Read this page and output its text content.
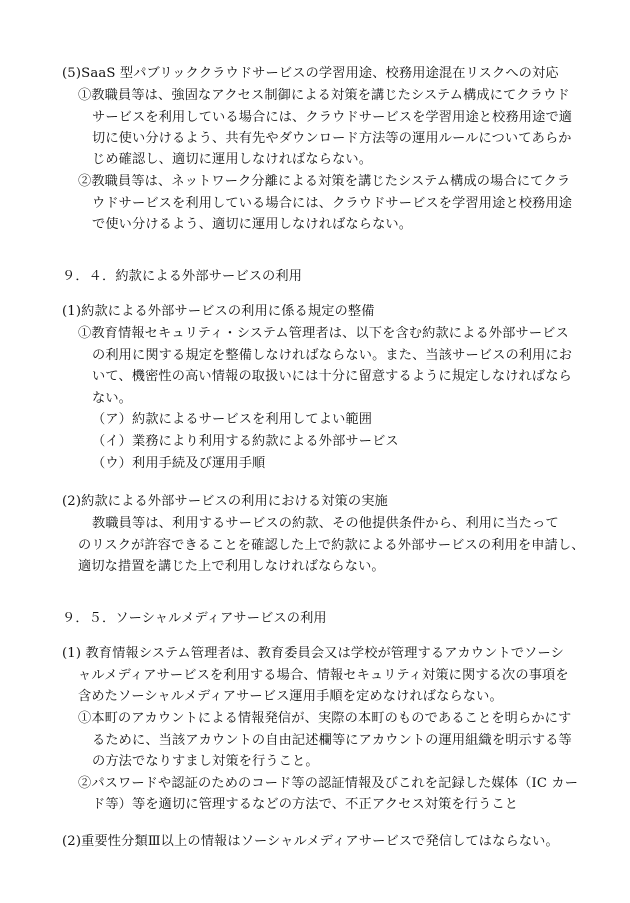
(5)SaaS 型パブリッククラウドサービスの学習用途、校務用途混在リスクへの対応
①教職員等は、強固なアクセス制御による対策を講じたシステム構成にてクラウド
サービスを利用している場合には、クラウドサービスを学習用途と校務用途で適
切に使い分けるよう、共有先やダウンロード方法等の運用ルールについてあらか
じめ確認し、適切に運用しなければならない。
②教職員等は、ネットワーク分離による対策を講じたシステム構成の場合にてクラ
ウドサービスを利用している場合には、クラウドサービスを学習用途と校務用途
で使い分けるよう、適切に運用しなければならない。
９．４．約款による外部サービスの利用
(1)約款による外部サービスの利用に係る規定の整備
①教育情報セキュリティ・システム管理者は、以下を含む約款による外部サービス
の利用に関する規定を整備しなければならない。また、当該サービスの利用にお
いて、機密性の高い情報の取扱いには十分に留意するように規定しなければなら
ない。
（ア）約款によるサービスを利用してよい範囲
（イ）業務により利用する約款による外部サービス
（ウ）利用手続及び運用手順
(2)約款による外部サービスの利用における対策の実施
教職員等は、利用するサービスの約款、その他提供条件から、利用に当たって
のリスクが許容できることを確認した上で約款による外部サービスの利用を申請し、
適切な措置を講じた上で利用しなければならない。
９．５．ソーシャルメディアサービスの利用
(1) 教育情報システム管理者は、教育委員会又は学校が管理するアカウントでソーシ
ャルメディアサービスを利用する場合、情報セキュリティ対策に関する次の事項を
含めたソーシャルメディアサービス運用手順を定めなければならない。
①本町のアカウントによる情報発信が、実際の本町のものであることを明らかにす
るために、当該アカウントの自由記述欄等にアカウントの運用組織を明示する等
の方法でなりすまし対策を行うこと。
②パスワードや認証のためのコード等の認証情報及びこれを記録した媒体（IC カー
ド等）等を適切に管理するなどの方法で、不正アクセス対策を行うこと
(2)重要性分類Ⅲ以上の情報はソーシャルメディアサービスで発信してはならない。
